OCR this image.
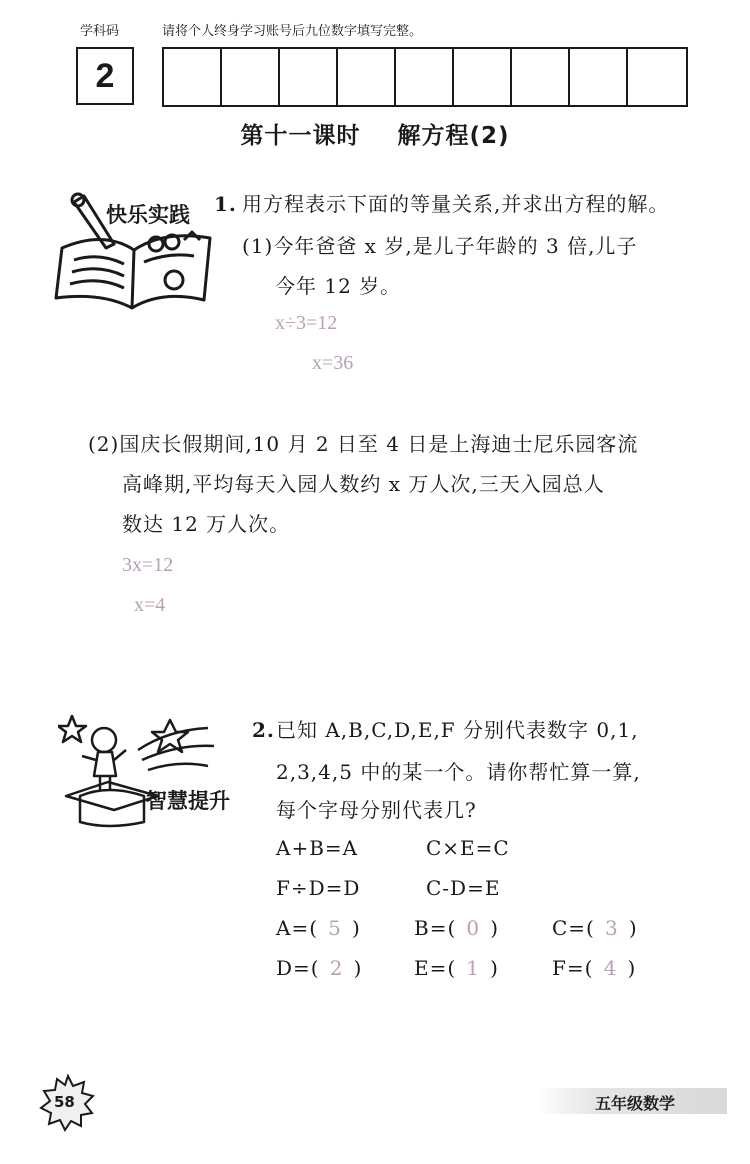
学科码	请将个人终身学习账号后九位数字填写完整。
2
第十一课时 解方程(2)
快乐实践 1. 用方程表示下面的等量关系,并求出方程的解。
(1)今年爸爸 x 岁,是儿子年龄的 3 倍,儿子
今年 12 岁。
x÷3=12
x=36
(2)国庆长假期间,10 月 2 日至 4 日是上海迪士尼乐园客流
高峰期,平均每天入园人数约 x 万人次,三天入园总人
数达 12 万人次。
3x=12
x=4
智慧提升
2. 已知 A,B,C,D,E,F 分别代表数字 0,1,
2,3,4,5 中的某一个。请你帮忙算一算,
每个字母分别代表几?
A+B=A	C×E=C
F÷D=D	C-D=E
A=( 5 )	B=( 0 )	C=( 3 )
D=( 2 )	E=( 1 )	F=( 4 )
58	五年级数学
